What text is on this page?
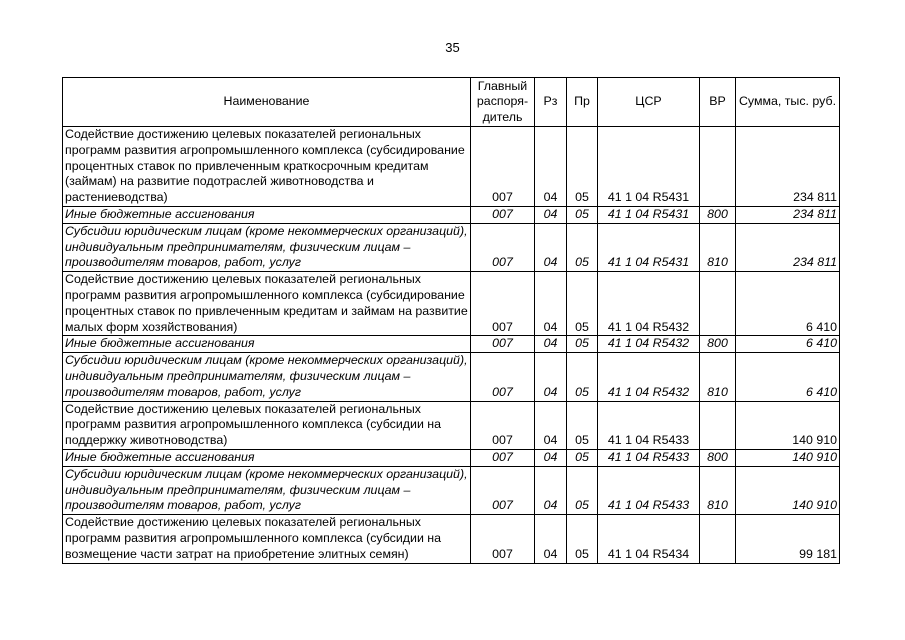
35
Наименование	Главный распоря-дитель	Рз	Пр	ЦСР	ВР	Сумма, тыс. руб.
Содействие достижению целевых показателей региональных программ развития агропромышленного комплекса (субсидирование процентных ставок по привлеченным краткосрочным кредитам (займам) на развитие подотраслей животноводства и растениеводства)	007	04	05	41 1 04 R5431		234 811
Иные бюджетные ассигнования	007	04	05	41 1 04 R5431	800	234 811
Субсидии юридическим лицам (кроме некоммерческих организаций), индивидуальным предпринимателям, физическим лицам – производителям товаров, работ, услуг	007	04	05	41 1 04 R5431	810	234 811
Содействие достижению целевых показателей региональных программ развития агропромышленного комплекса (субсидирование процентных ставок по привлеченным кредитам и займам на развитие малых форм хозяйствования)	007	04	05	41 1 04 R5432		6 410
Иные бюджетные ассигнования	007	04	05	41 1 04 R5432	800	6 410
Субсидии юридическим лицам (кроме некоммерческих организаций), индивидуальным предпринимателям, физическим лицам – производителям товаров, работ, услуг	007	04	05	41 1 04 R5432	810	6 410
Содействие достижению целевых показателей региональных программ развития агропромышленного комплекса (субсидии на поддержку животноводства)	007	04	05	41 1 04 R5433		140 910
Иные бюджетные ассигнования	007	04	05	41 1 04 R5433	800	140 910
Субсидии юридическим лицам (кроме некоммерческих организаций), индивидуальным предпринимателям, физическим лицам – производителям товаров, работ, услуг	007	04	05	41 1 04 R5433	810	140 910
Содействие достижению целевых показателей региональных программ развития агропромышленного комплекса (субсидии на возмещение части затрат на приобретение элитных семян)	007	04	05	41 1 04 R5434		99 181
